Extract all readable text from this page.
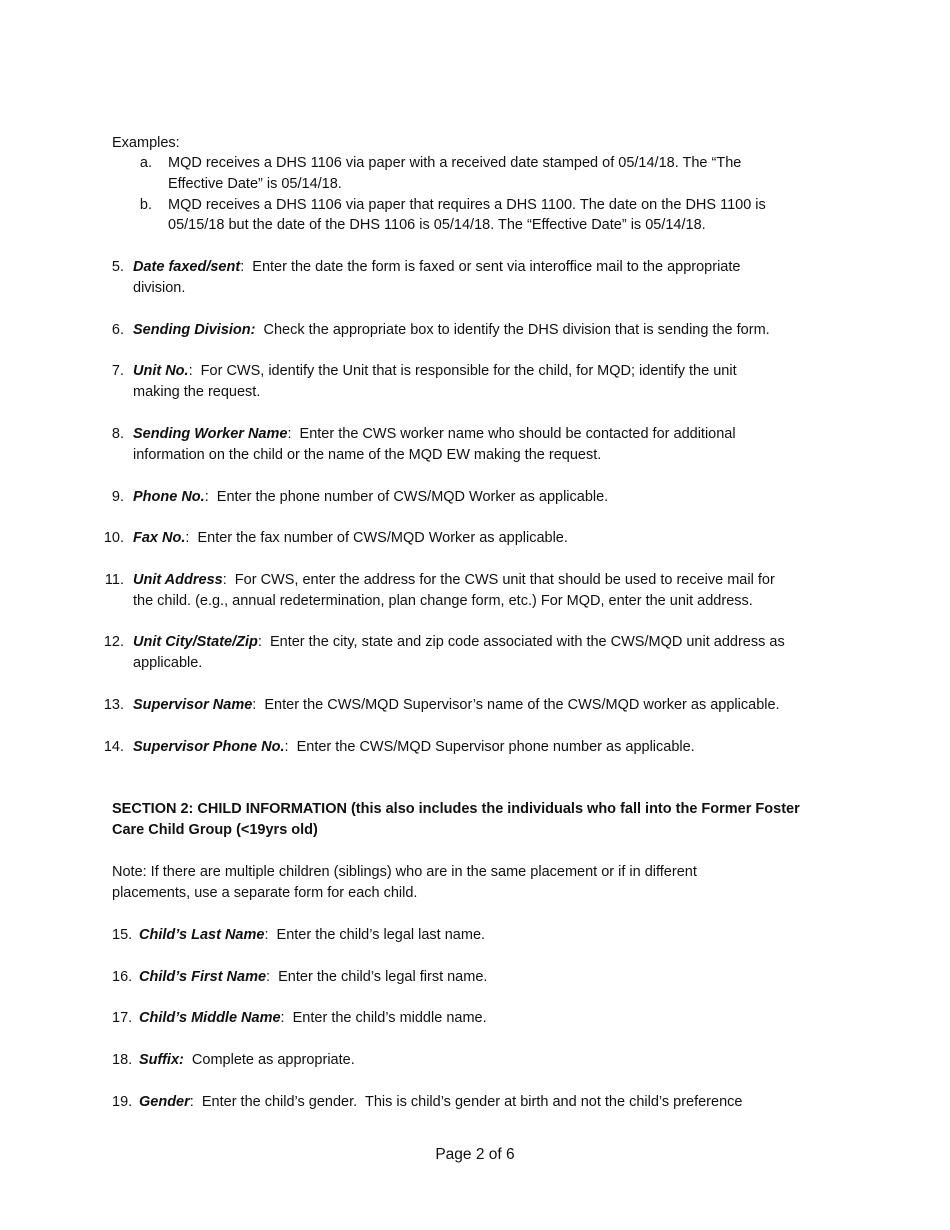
Examples:
a. MQD receives a DHS 1106 via paper with a received date stamped of 05/14/18. The “The
Effective Date” is 05/14/18.
b. MQD receives a DHS 1106 via paper that requires a DHS 1100. The date on the DHS 1100 is
05/15/18 but the date of the DHS 1106 is 05/14/18. The “Effective Date” is 05/14/18.
5. Date faxed/sent:  Enter the date the form is faxed or sent via interoffice mail to the appropriate
division.
6. Sending Division: Check the appropriate box to identify the DHS division that is sending the form.
7. Unit No.:  For CWS, identify the Unit that is responsible for the child, for MQD; identify the unit
making the request.
8. Sending Worker Name:  Enter the CWS worker name who should be contacted for additional
information on the child or the name of the MQD EW making the request.
9. Phone No.:  Enter the phone number of CWS/MQD Worker as applicable.
10. Fax No.:  Enter the fax number of CWS/MQD Worker as applicable.
11. Unit Address:  For CWS, enter the address for the CWS unit that should be used to receive mail for
the child. (e.g., annual redetermination, plan change form, etc.) For MQD, enter the unit address.
12. Unit City/State/Zip:  Enter the city, state and zip code associated with the CWS/MQD unit address as
applicable.
13. Supervisor Name:  Enter the CWS/MQD Supervisor’s name of the CWS/MQD worker as applicable.
14. Supervisor Phone No.:  Enter the CWS/MQD Supervisor phone number as applicable.
SECTION 2: CHILD INFORMATION (this also includes the individuals who fall into the Former Foster
Care Child Group (<19yrs old)
Note: If there are multiple children (siblings) who are in the same placement or if in different
placements, use a separate form for each child.
15. Child’s Last Name:  Enter the child’s legal last name.
16. Child’s First Name:  Enter the child’s legal first name.
17. Child’s Middle Name:  Enter the child’s middle name.
18. Suffix: Complete as appropriate.
19. Gender:  Enter the child’s gender.  This is child’s gender at birth and not the child’s preference
Page 2 of 6
